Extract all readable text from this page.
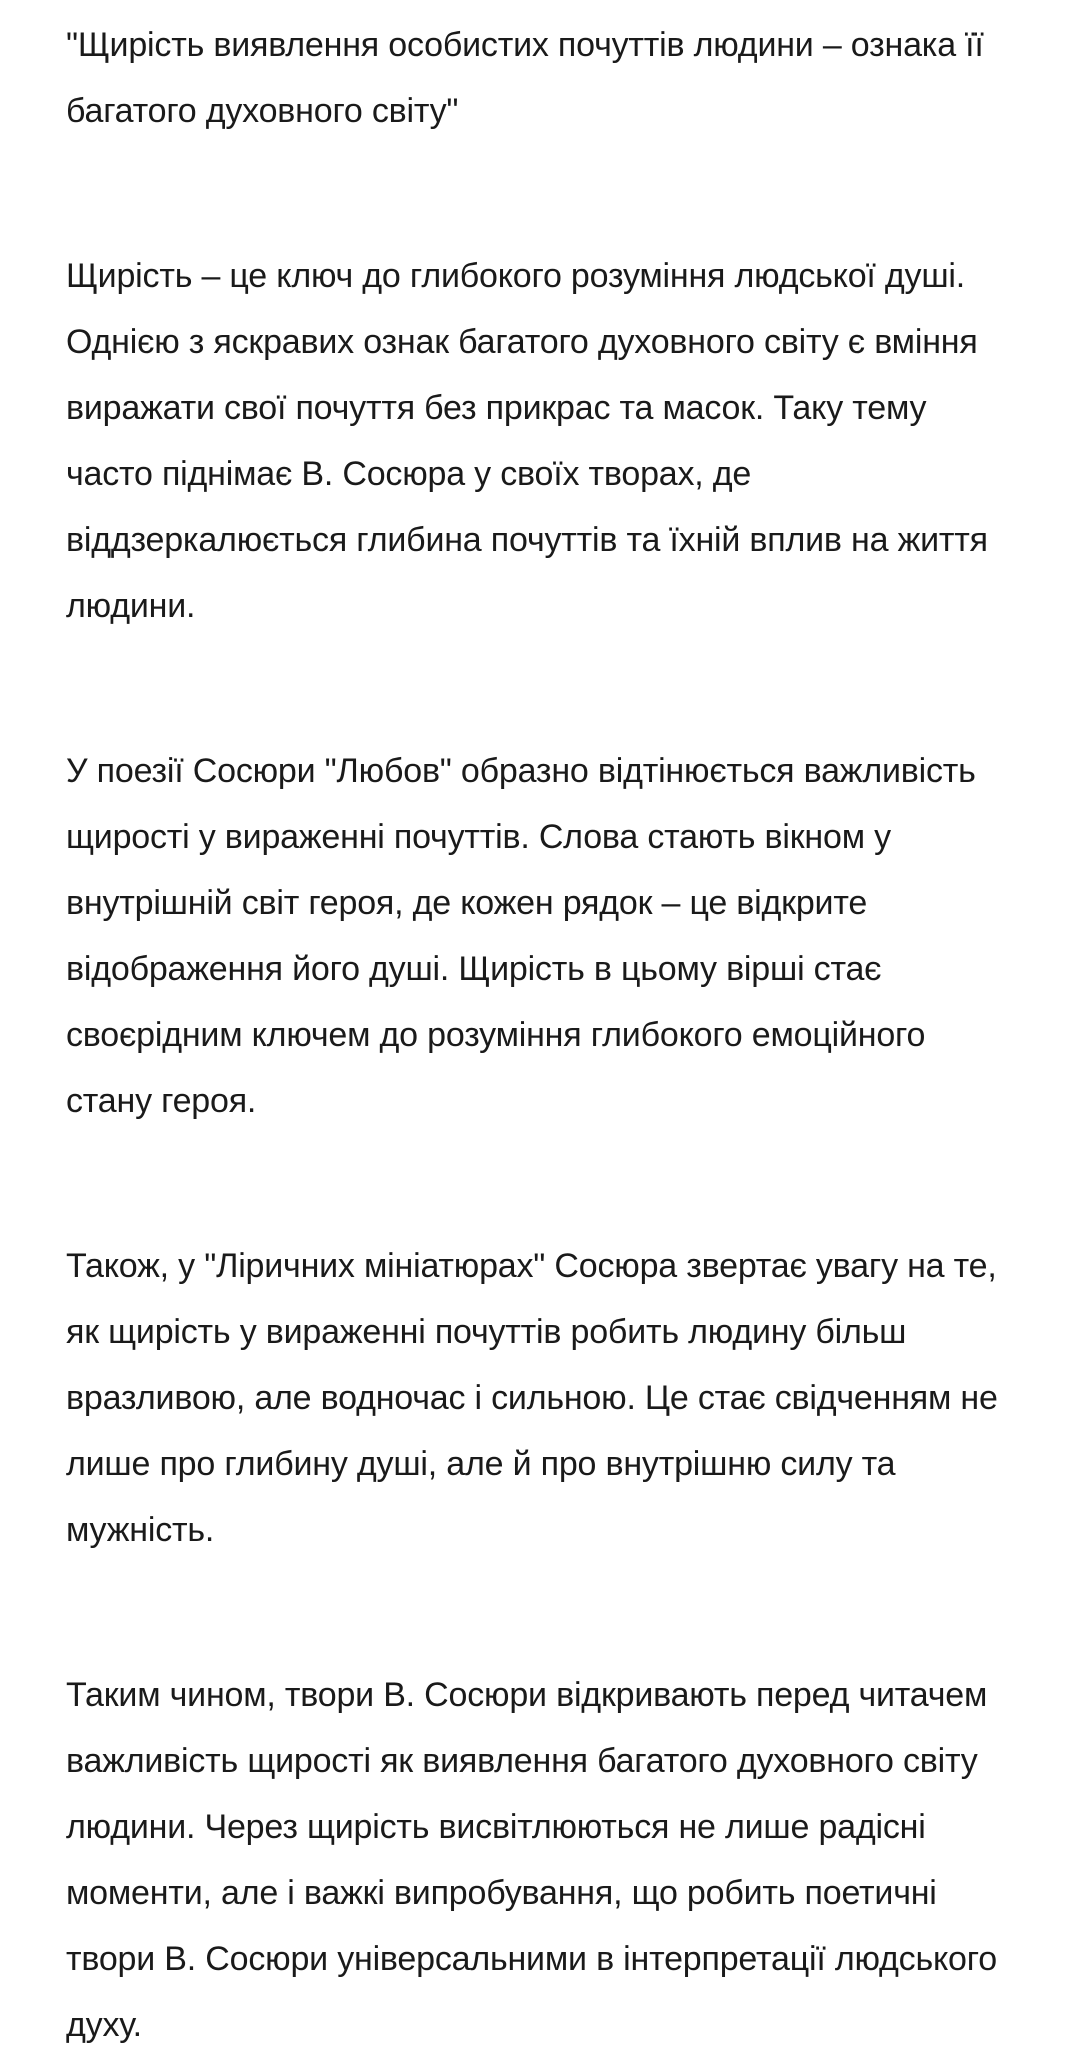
"Щирість виявлення особистих почуттів людини – ознака її багатого духовного світу"

Щирість – це ключ до глибокого розуміння людської душі. Однією з яскравих ознак багатого духовного світу є вміння виражати свої почуття без прикрас та масок. Таку тему часто піднімає В. Сосюра у своїх творах, де віддзеркалюється глибина почуттів та їхній вплив на життя людини.

У поезії Сосюри "Любов" образно відтінюється важливість щирості у вираженні почуттів. Слова стають вікном у внутрішній світ героя, де кожен рядок – це відкрите відображення його душі. Щирість в цьому вірші стає своєрідним ключем до розуміння глибокого емоційного стану героя.

Також, у "Ліричних мініатюрах" Сосюра звертає увагу на те, як щирість у вираженні почуттів робить людину більш вразливою, але водночас і сильною. Це стає свідченням не лише про глибину душі, але й про внутрішню силу та мужність.

Таким чином, твори В. Сосюри відкривають перед читачем важливість щирості як виявлення багатого духовного світу людини. Через щирість висвітлюються не лише радісні моменти, але і важкі випробування, що робить поетичні твори В. Сосюри універсальними в інтерпретації людського духу.
